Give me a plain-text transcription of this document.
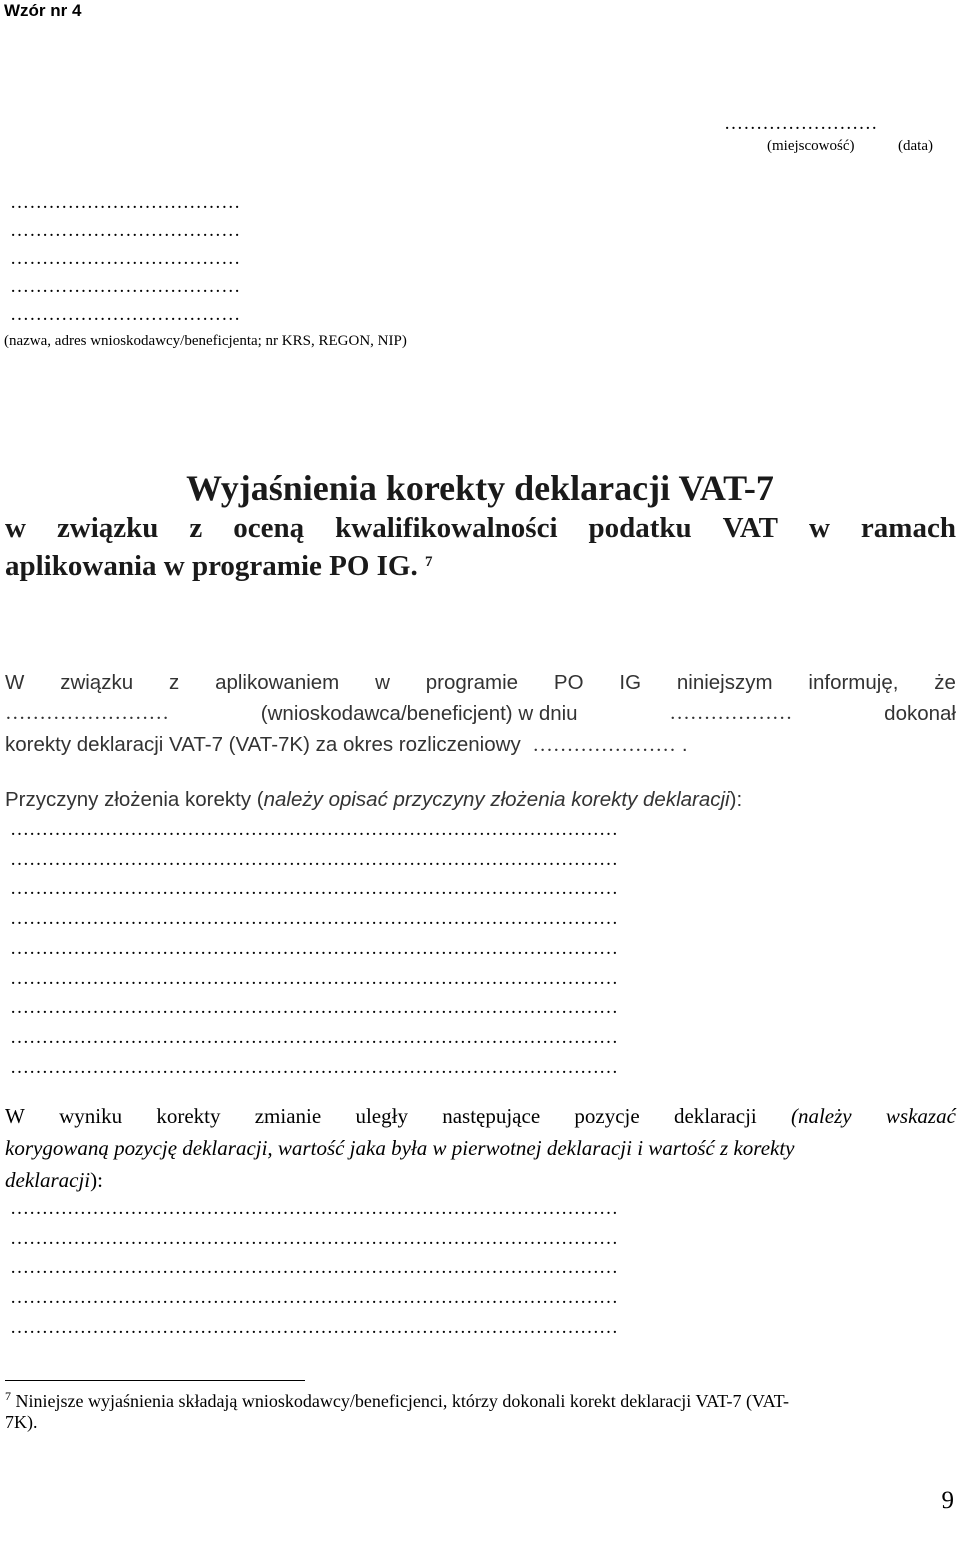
Wzór nr 4
……………………
(miejscowość)	(data)
………………………………
………………………………
………………………………
………………………………
………………………………
(nazwa, adres wnioskodawcy/beneficjenta; nr KRS, REGON, NIP)
Wyjaśnienia korekty deklaracji VAT-7
w związku z oceną kwalifikowalności podatku VAT w ramach
aplikowania w programie PO IG. $^7$
W związku z aplikowaniem w programie PO IG niniejszym informuję, że
……………………	(wnioskodawca/beneficjent) w dniu	………………	dokonał
korekty deklaracji VAT-7 (VAT-7K) za okres rozliczeniowy ………………… .
Przyczyny złożenia korekty (należy opisać przyczyny złożenia korekty deklaracji):
……………………………………………………………………………………
……………………………………………………………………………………
……………………………………………………………………………………
……………………………………………………………………………………
……………………………………………………………………………………
……………………………………………………………………………………
……………………………………………………………………………………
……………………………………………………………………………………
……………………………………………………………………………………
W wyniku korekty zmianie uległy następujące pozycje deklaracji (należy wskazać
korygowaną pozycję deklaracji, wartość jaka była w pierwotnej deklaracji i wartość z korekty
deklaracji):
……………………………………………………………………………………
……………………………………………………………………………………
……………………………………………………………………………………
……………………………………………………………………………………
……………………………………………………………………………………
$^7$ Niniejsze wyjaśnienia składają wnioskodawcy/beneficjenci, którzy dokonali korekt deklaracji VAT-7 (VAT-
7K).
9
